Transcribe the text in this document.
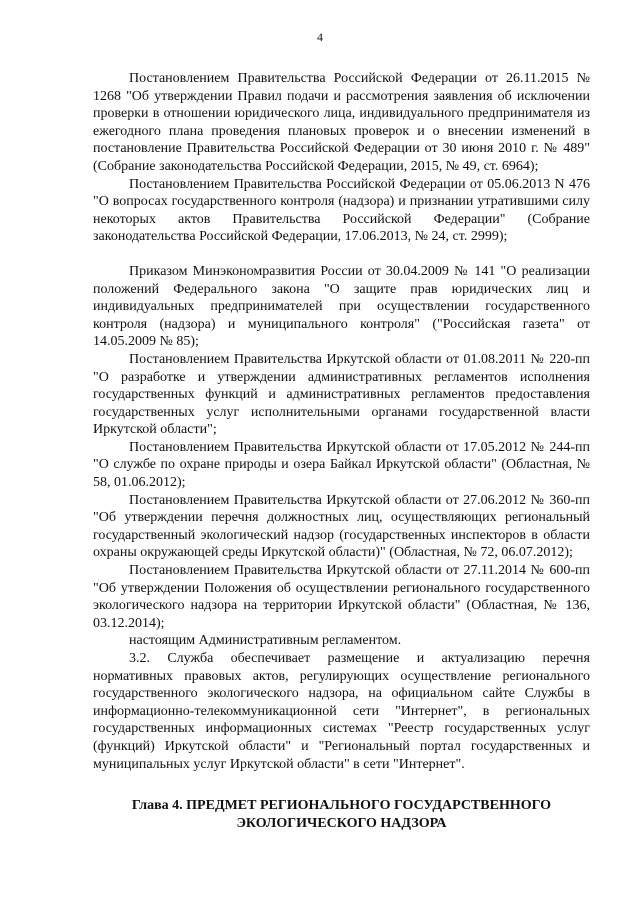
4

Постановлением Правительства Российской Федерации от 26.11.2015 № 1268 "Об утверждении Правил подачи и рассмотрения заявления об исключении проверки в отношении юридического лица, индивидуального предпринимателя из ежегодного плана проведения плановых проверок и о внесении изменений в постановление Правительства Российской Федерации от 30 июня 2010 г. № 489" (Собрание законодательства Российской Федерации, 2015, № 49, ст. 6964);

Постановлением Правительства Российской Федерации от 05.06.2013 N 476 "О вопросах государственного контроля (надзора) и признании утратившими силу некоторых актов Правительства Российской Федерации" (Собрание законодательства Российской Федерации, 17.06.2013, № 24, ст. 2999);

Приказом Минэкономразвития России от 30.04.2009 № 141 "О реализации положений Федерального закона "О защите прав юридических лиц и индивидуальных предпринимателей при осуществлении государственного контроля (надзора) и муниципального контроля" ("Российская газета" от 14.05.2009 № 85);

Постановлением Правительства Иркутской области от 01.08.2011 № 220-пп "О разработке и утверждении административных регламентов исполнения государственных функций и административных регламентов предоставления государственных услуг исполнительными органами государственной власти Иркутской области";

Постановлением Правительства Иркутской области от 17.05.2012 № 244-пп "О службе по охране природы и озера Байкал Иркутской области" (Областная, № 58, 01.06.2012);

Постановлением Правительства Иркутской области от 27.06.2012 № 360-пп "Об утверждении перечня должностных лиц, осуществляющих региональный государственный экологический надзор (государственных инспекторов в области охраны окружающей среды Иркутской области)" (Областная, № 72, 06.07.2012);

Постановлением Правительства Иркутской области от 27.11.2014 № 600-пп "Об утверждении Положения об осуществлении регионального государственного экологического надзора на территории Иркутской области" (Областная, № 136, 03.12.2014);

настоящим Административным регламентом.

3.2. Служба обеспечивает размещение и актуализацию перечня нормативных правовых актов, регулирующих осуществление регионального государственного экологического надзора, на официальном сайте Службы в информационно-телекоммуникационной сети "Интернет", в региональных государственных информационных системах "Реестр государственных услуг (функций) Иркутской области" и "Региональный портал государственных и муниципальных услуг Иркутской области" в сети "Интернет".

Глава 4. ПРЕДМЕТ РЕГИОНАЛЬНОГО ГОСУДАРСТВЕННОГО ЭКОЛОГИЧЕСКОГО НАДЗОРА
